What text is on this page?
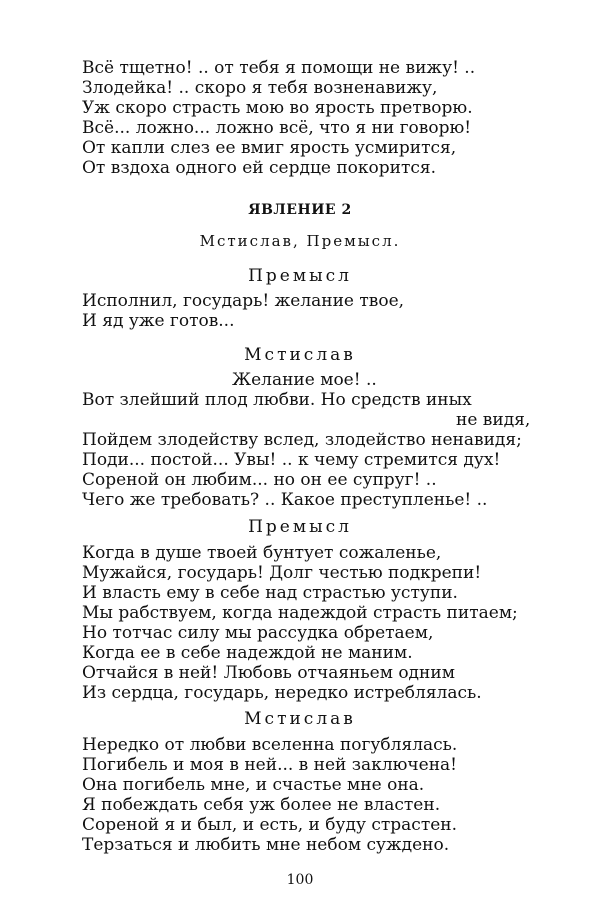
Всё тщетно! .. от тебя я помощи не вижу! ..
Злодейка! .. скоро я тебя возненавижу,
Уж скоро страсть мою во ярость претворю.
Всё... ложно... ложно всё, что я ни говорю!
От капли слез ее вмиг ярость усмирится,
От вздоха одного ей сердце покорится.
ЯВЛЕНИЕ 2
Мстислав, Премысл.
Премысл
Исполнил, государь! желание твое,
И яд уже готов...
Мстислав
Желание мое! ..
Вот злейший плод любви. Но средств иных
не видя,
Пойдем злодейству вслед, злодейство ненавидя;
Поди... постой... Увы! .. к чему стремится дух!
Сореной он любим... но он ее супруг! ..
Чего же требовать? .. Какое преступленье! ..
Премысл
Когда в душе твоей бунтует сожаленье,
Мужайся, государь! Долг честью подкрепи!
И власть ему в себе над страстью уступи.
Мы рабствуем, когда надеждой страсть питаем;
Но тотчас силу мы рассудка обретаем,
Когда ее в себе надеждой не маним.
Отчайся в ней! Любовь отчаяньем одним
Из сердца, государь, нередко истреблялась.
Мстислав
Нередко от любви вселенна погублялась.
Погибель и моя в ней... в ней заключена!
Она погибель мне, и счастье мне она.
Я побеждать себя уж более не властен.
Сореной я и был, и есть, и буду страстен.
Терзаться и любить мне небом суждено.
100
